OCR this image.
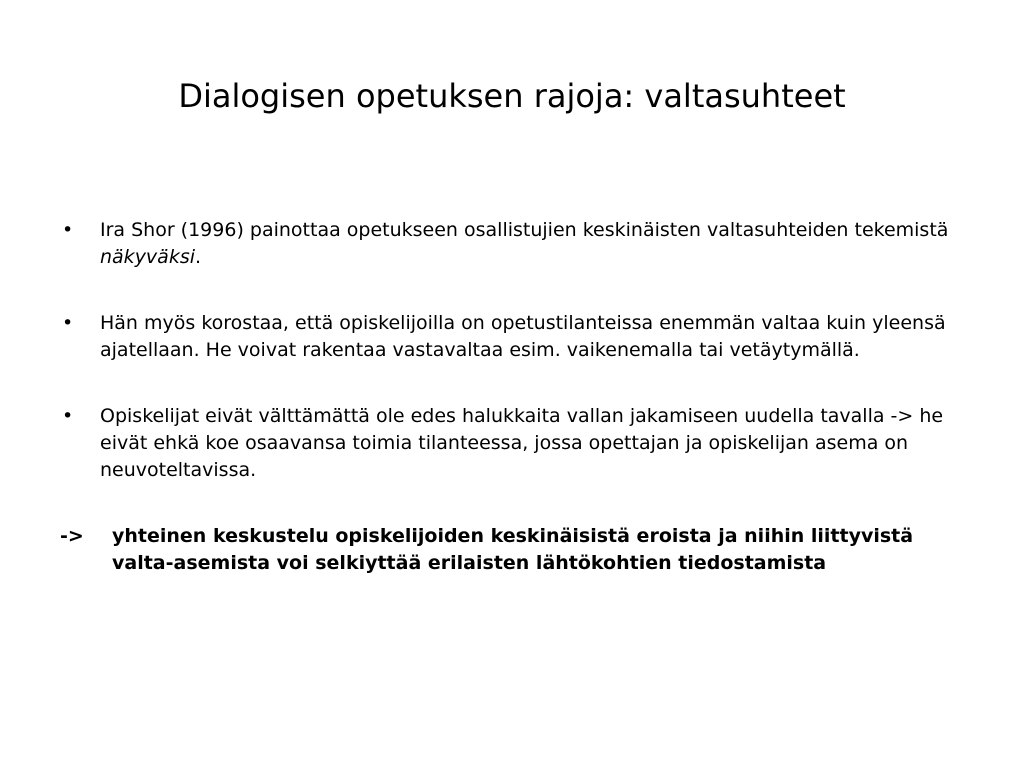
Dialogisen opetuksen rajoja: valtasuhteet
• Ira Shor (1996) painottaa opetukseen osallistujien keskinäisten valtasuhteiden tekemistä näkyväksi.
• Hän myös korostaa, että opiskelijoilla on opetustilanteissa enemmän valtaa kuin yleensä ajatellaan. He voivat rakentaa vastavaltaa esim. vaikenemalla tai vetäytymällä.
• Opiskelijat eivät välttämättä ole edes halukkaita vallan jakamiseen uudella tavalla -> he eivät ehkä koe osaavansa toimia tilanteessa, jossa opettajan ja opiskelijan asema on neuvoteltavissa.
-> yhteinen keskustelu opiskelijoiden keskinäisistä eroista ja niihin liittyvistä valta-asemista voi selkiyttää erilaisten lähtökohtien tiedostamista
